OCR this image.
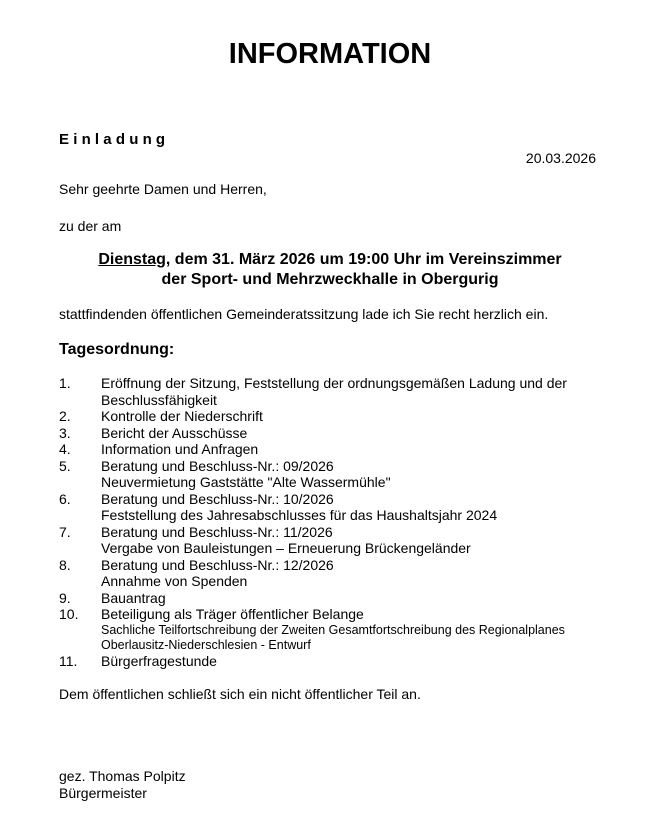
INFORMATION
Einladung
20.03.2026
Sehr geehrte Damen und Herren,
zu der am
Dienstag, dem 31. März 2026 um 19:00 Uhr im Vereinszimmer
der Sport- und Mehrzweckhalle in Obergurig
stattfindenden öffentlichen Gemeinderatssitzung lade ich Sie recht herzlich ein.
Tagesordnung:
1. Eröffnung der Sitzung, Feststellung der ordnungsgemäßen Ladung und der Beschlussfähigkeit
2. Kontrolle der Niederschrift
3. Bericht der Ausschüsse
4. Information und Anfragen
5. Beratung und Beschluss-Nr.: 09/2026
Neuvermietung Gaststätte "Alte Wassermühle"
6. Beratung und Beschluss-Nr.: 10/2026
Feststellung des Jahresabschlusses für das Haushaltsjahr 2024
7. Beratung und Beschluss-Nr.: 11/2026
Vergabe von Bauleistungen – Erneuerung Brückengeländer
8. Beratung und Beschluss-Nr.: 12/2026
Annahme von Spenden
9. Bauantrag
10. Beteiligung als Träger öffentlicher Belange
Sachliche Teilfortschreibung der Zweiten Gesamtfortschreibung des Regionalplanes Oberlausitz-Niederschlesien - Entwurf
11. Bürgerfragestunde
Dem öffentlichen schließt sich ein nicht öffentlicher Teil an.
gez. Thomas Polpitz
Bürgermeister
